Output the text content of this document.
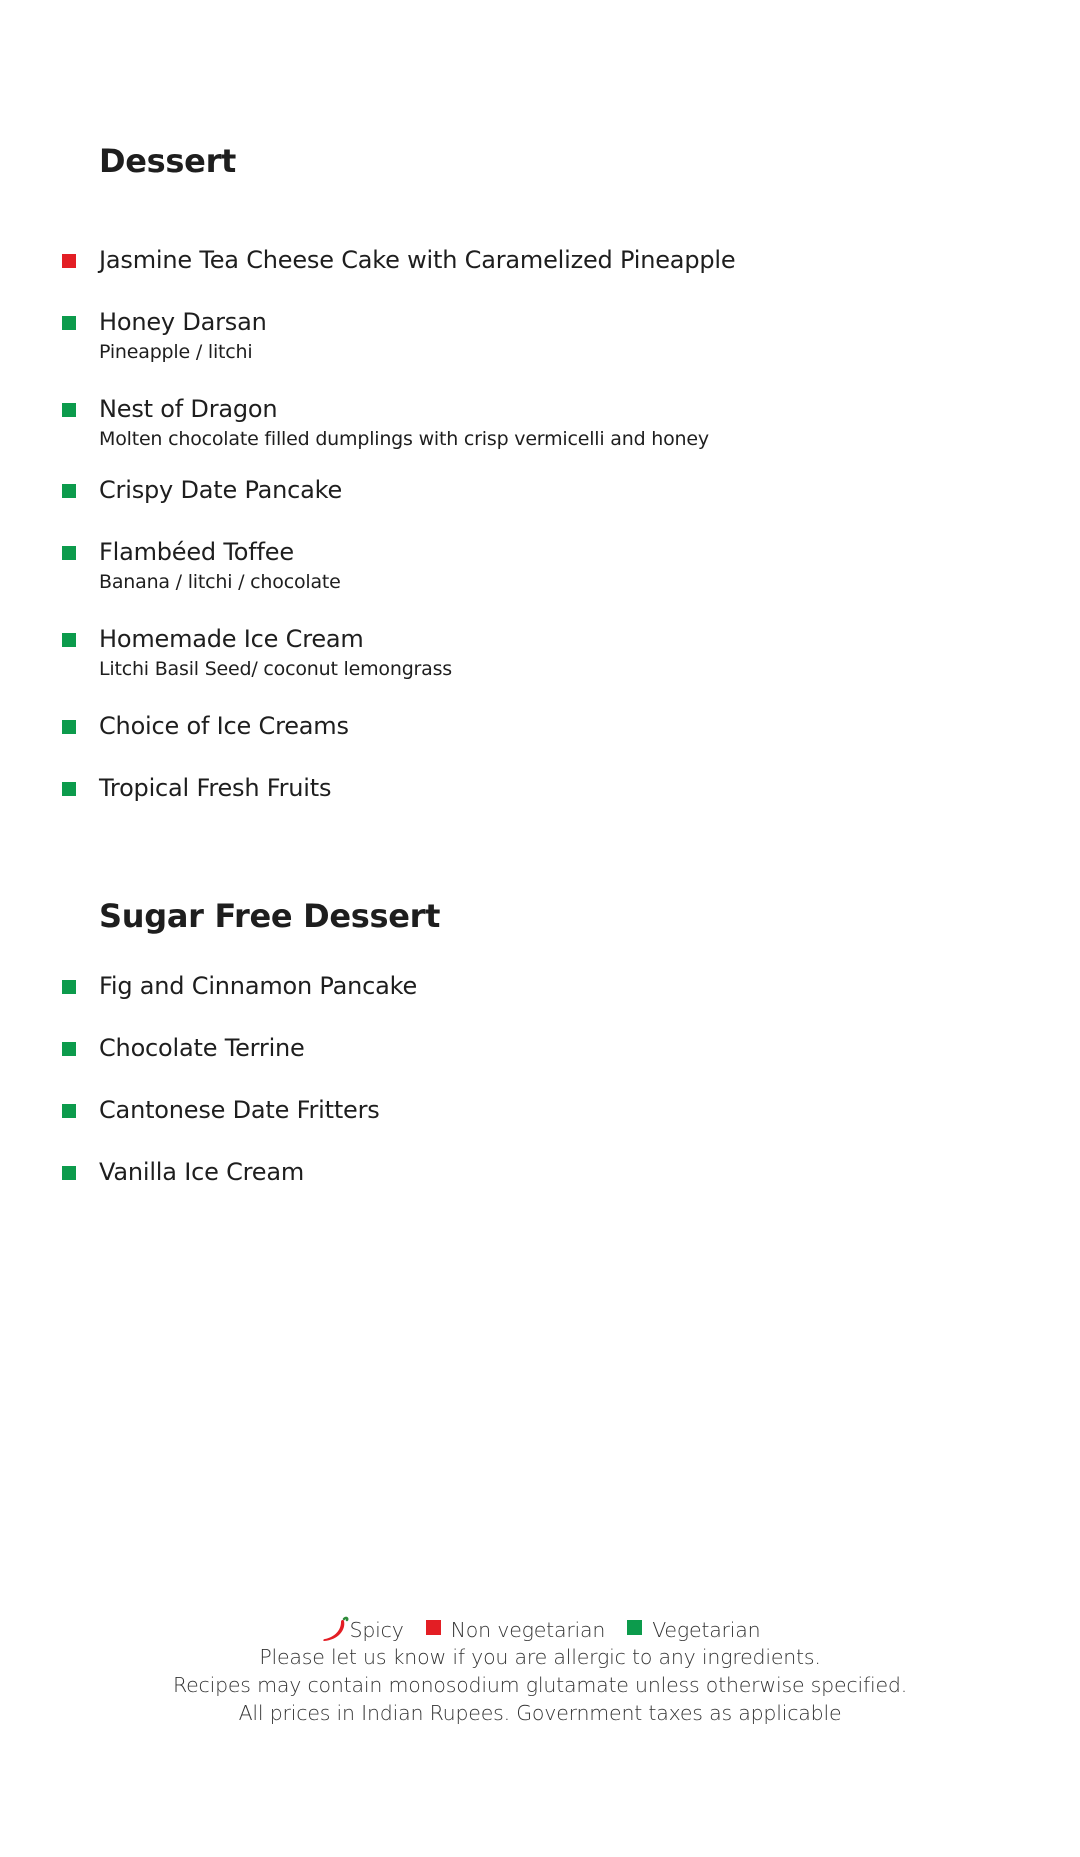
Dessert
Jasmine Tea Cheese Cake with Caramelized Pineapple
Honey Darsan
Pineapple / litchi
Nest of Dragon
Molten chocolate filled dumplings with crisp vermicelli and honey
Crispy Date Pancake
Flambéed Toffee
Banana / litchi / chocolate
Homemade Ice Cream
Litchi Basil Seed/ coconut lemongrass
Choice of Ice Creams
Tropical Fresh Fruits
Sugar Free Dessert
Fig and Cinnamon Pancake
Chocolate Terrine
Cantonese Date Fritters
Vanilla Ice Cream
Spicy Non vegetarian Vegetarian
Please let us know if you are allergic to any ingredients.
Recipes may contain monosodium glutamate unless otherwise specified.
All prices in Indian Rupees. Government taxes as applicable
